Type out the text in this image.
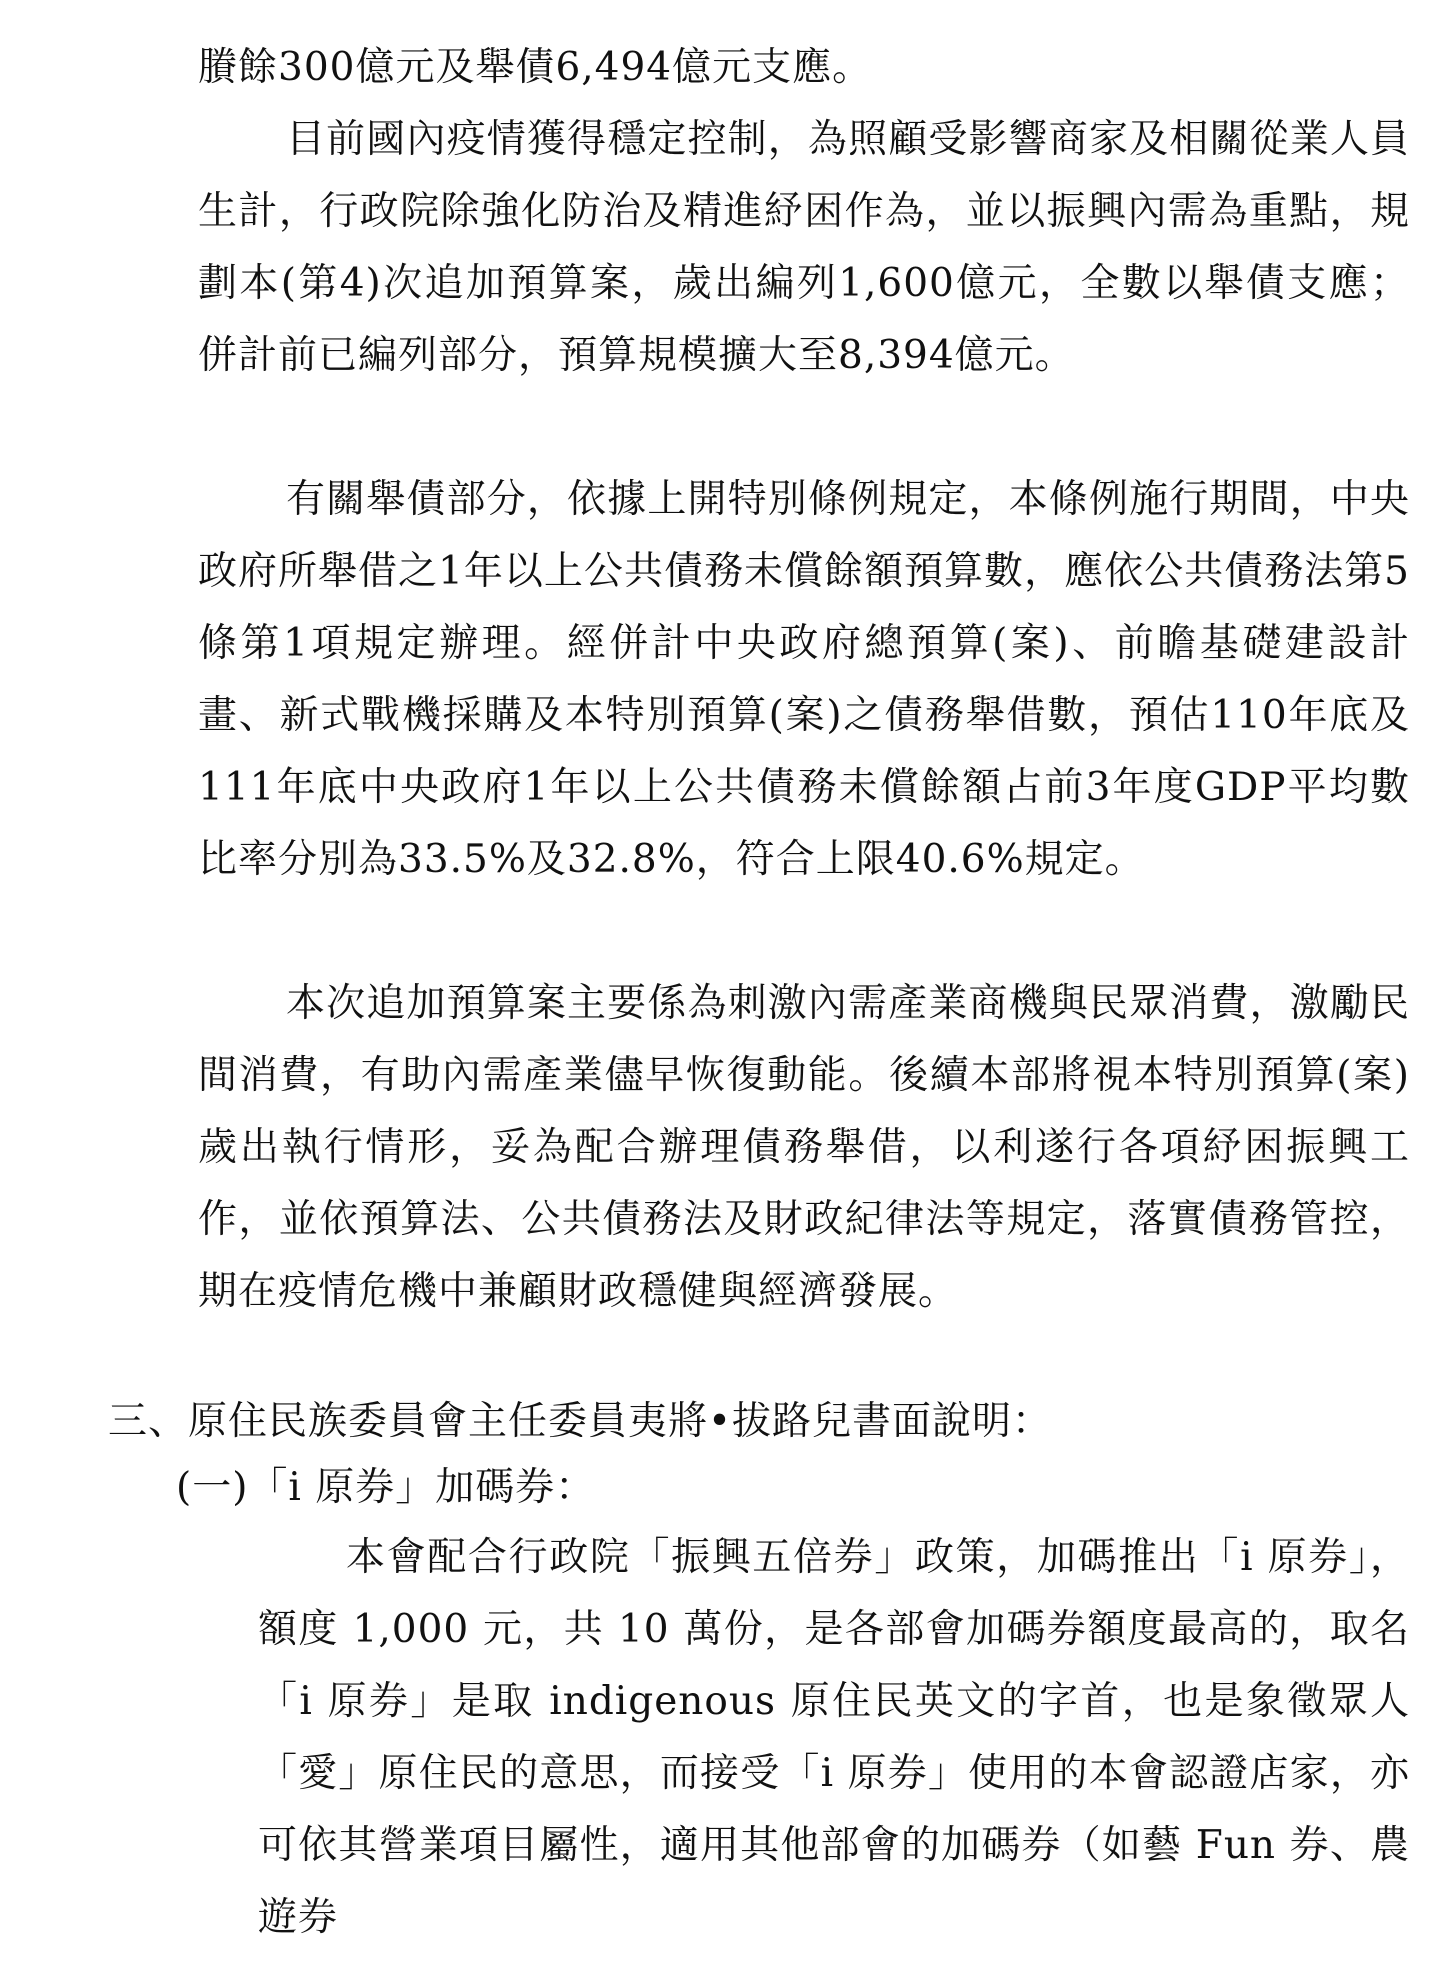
賸餘300億元及舉債6,494億元支應。

目前國內疫情獲得穩定控制，為照顧受影響商家及相關從業人員生計，行政院除強化防治及精進紓困作為，並以振興內需為重點，規劃本(第4)次追加預算案，歲出編列1,600億元，全數以舉債支應；併計前已編列部分，預算規模擴大至8,394億元。

有關舉債部分，依據上開特別條例規定，本條例施行期間，中央政府所舉借之1年以上公共債務未償餘額預算數，應依公共債務法第5條第1項規定辦理。經併計中央政府總預算(案)、前瞻基礎建設計畫、新式戰機採購及本特別預算(案)之債務舉借數，預估110年底及111年底中央政府1年以上公共債務未償餘額占前3年度GDP平均數比率分別為33.5%及32.8%，符合上限40.6%規定。

本次追加預算案主要係為刺激內需產業商機與民眾消費，激勵民間消費，有助內需產業儘早恢復動能。後續本部將視本特別預算(案)歲出執行情形，妥為配合辦理債務舉借，以利遂行各項紓困振興工作，並依預算法、公共債務法及財政紀律法等規定，落實債務管控，期在疫情危機中兼顧財政穩健與經濟發展。

三、原住民族委員會主任委員夷將•拔路兒書面說明：
(一)「i 原券」加碼券：

本會配合行政院「振興五倍券」政策，加碼推出「i 原券」，額度 1,000 元，共 10 萬份，是各部會加碼券額度最高的，取名「i 原券」是取 indigenous 原住民英文的字首，也是象徵眾人「愛」原住民的意思，而接受「i 原券」使用的本會認證店家，亦可依其營業項目屬性，適用其他部會的加碼券（如藝 Fun 券、農遊券
